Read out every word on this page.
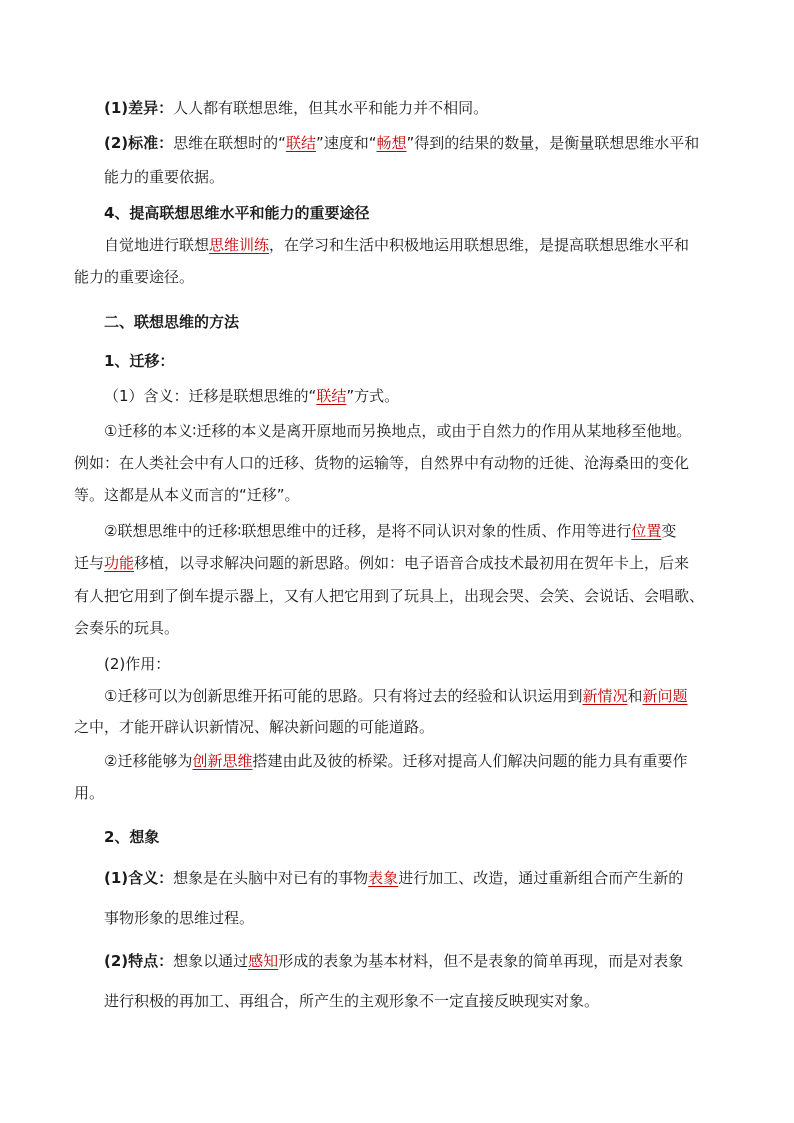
(1)差异：人人都有联想思维，但其水平和能力并不相同。
(2)标准：思维在联想时的“联结”速度和“畅想”得到的结果的数量，是衡量联想思维水平和
能力的重要依据。
4、提高联想思维水平和能力的重要途径
自觉地进行联想思维训练，在学习和生活中积极地运用联想思维，是提高联想思维水平和
能力的重要途径。
二、联想思维的方法
1、迁移：
（1）含义：迁移是联想思维的“联结”方式。
①迁移的本义∶迁移的本义是离开原地而另换地点，或由于自然力的作用从某地移至他地。
例如：在人类社会中有人口的迁移、货物的运输等，自然界中有动物的迁徙、沧海桑田的变化
等。这都是从本义而言的“迁移”。
②联想思维中的迁移∶联想思维中的迁移，是将不同认识对象的性质、作用等进行位置变
迁与功能移植，以寻求解决问题的新思路。例如：电子语音合成技术最初用在贺年卡上，后来
有人把它用到了倒车提示器上，又有人把它用到了玩具上，出现会哭、会笑、会说话、会唱歌、
会奏乐的玩具。
(2)作用：
①迁移可以为创新思维开拓可能的思路。只有将过去的经验和认识运用到新情况和新问题
之中，才能开辟认识新情况、解决新问题的可能道路。
②迁移能够为创新思维搭建由此及彼的桥梁。迁移对提高人们解决问题的能力具有重要作
用。
2、想象
(1)含义：想象是在头脑中对已有的事物表象进行加工、改造，通过重新组合而产生新的
事物形象的思维过程。
(2)特点：想象以通过感知形成的表象为基本材料，但不是表象的简单再现，而是对表象
进行积极的再加工、再组合，所产生的主观形象不一定直接反映现实对象。
